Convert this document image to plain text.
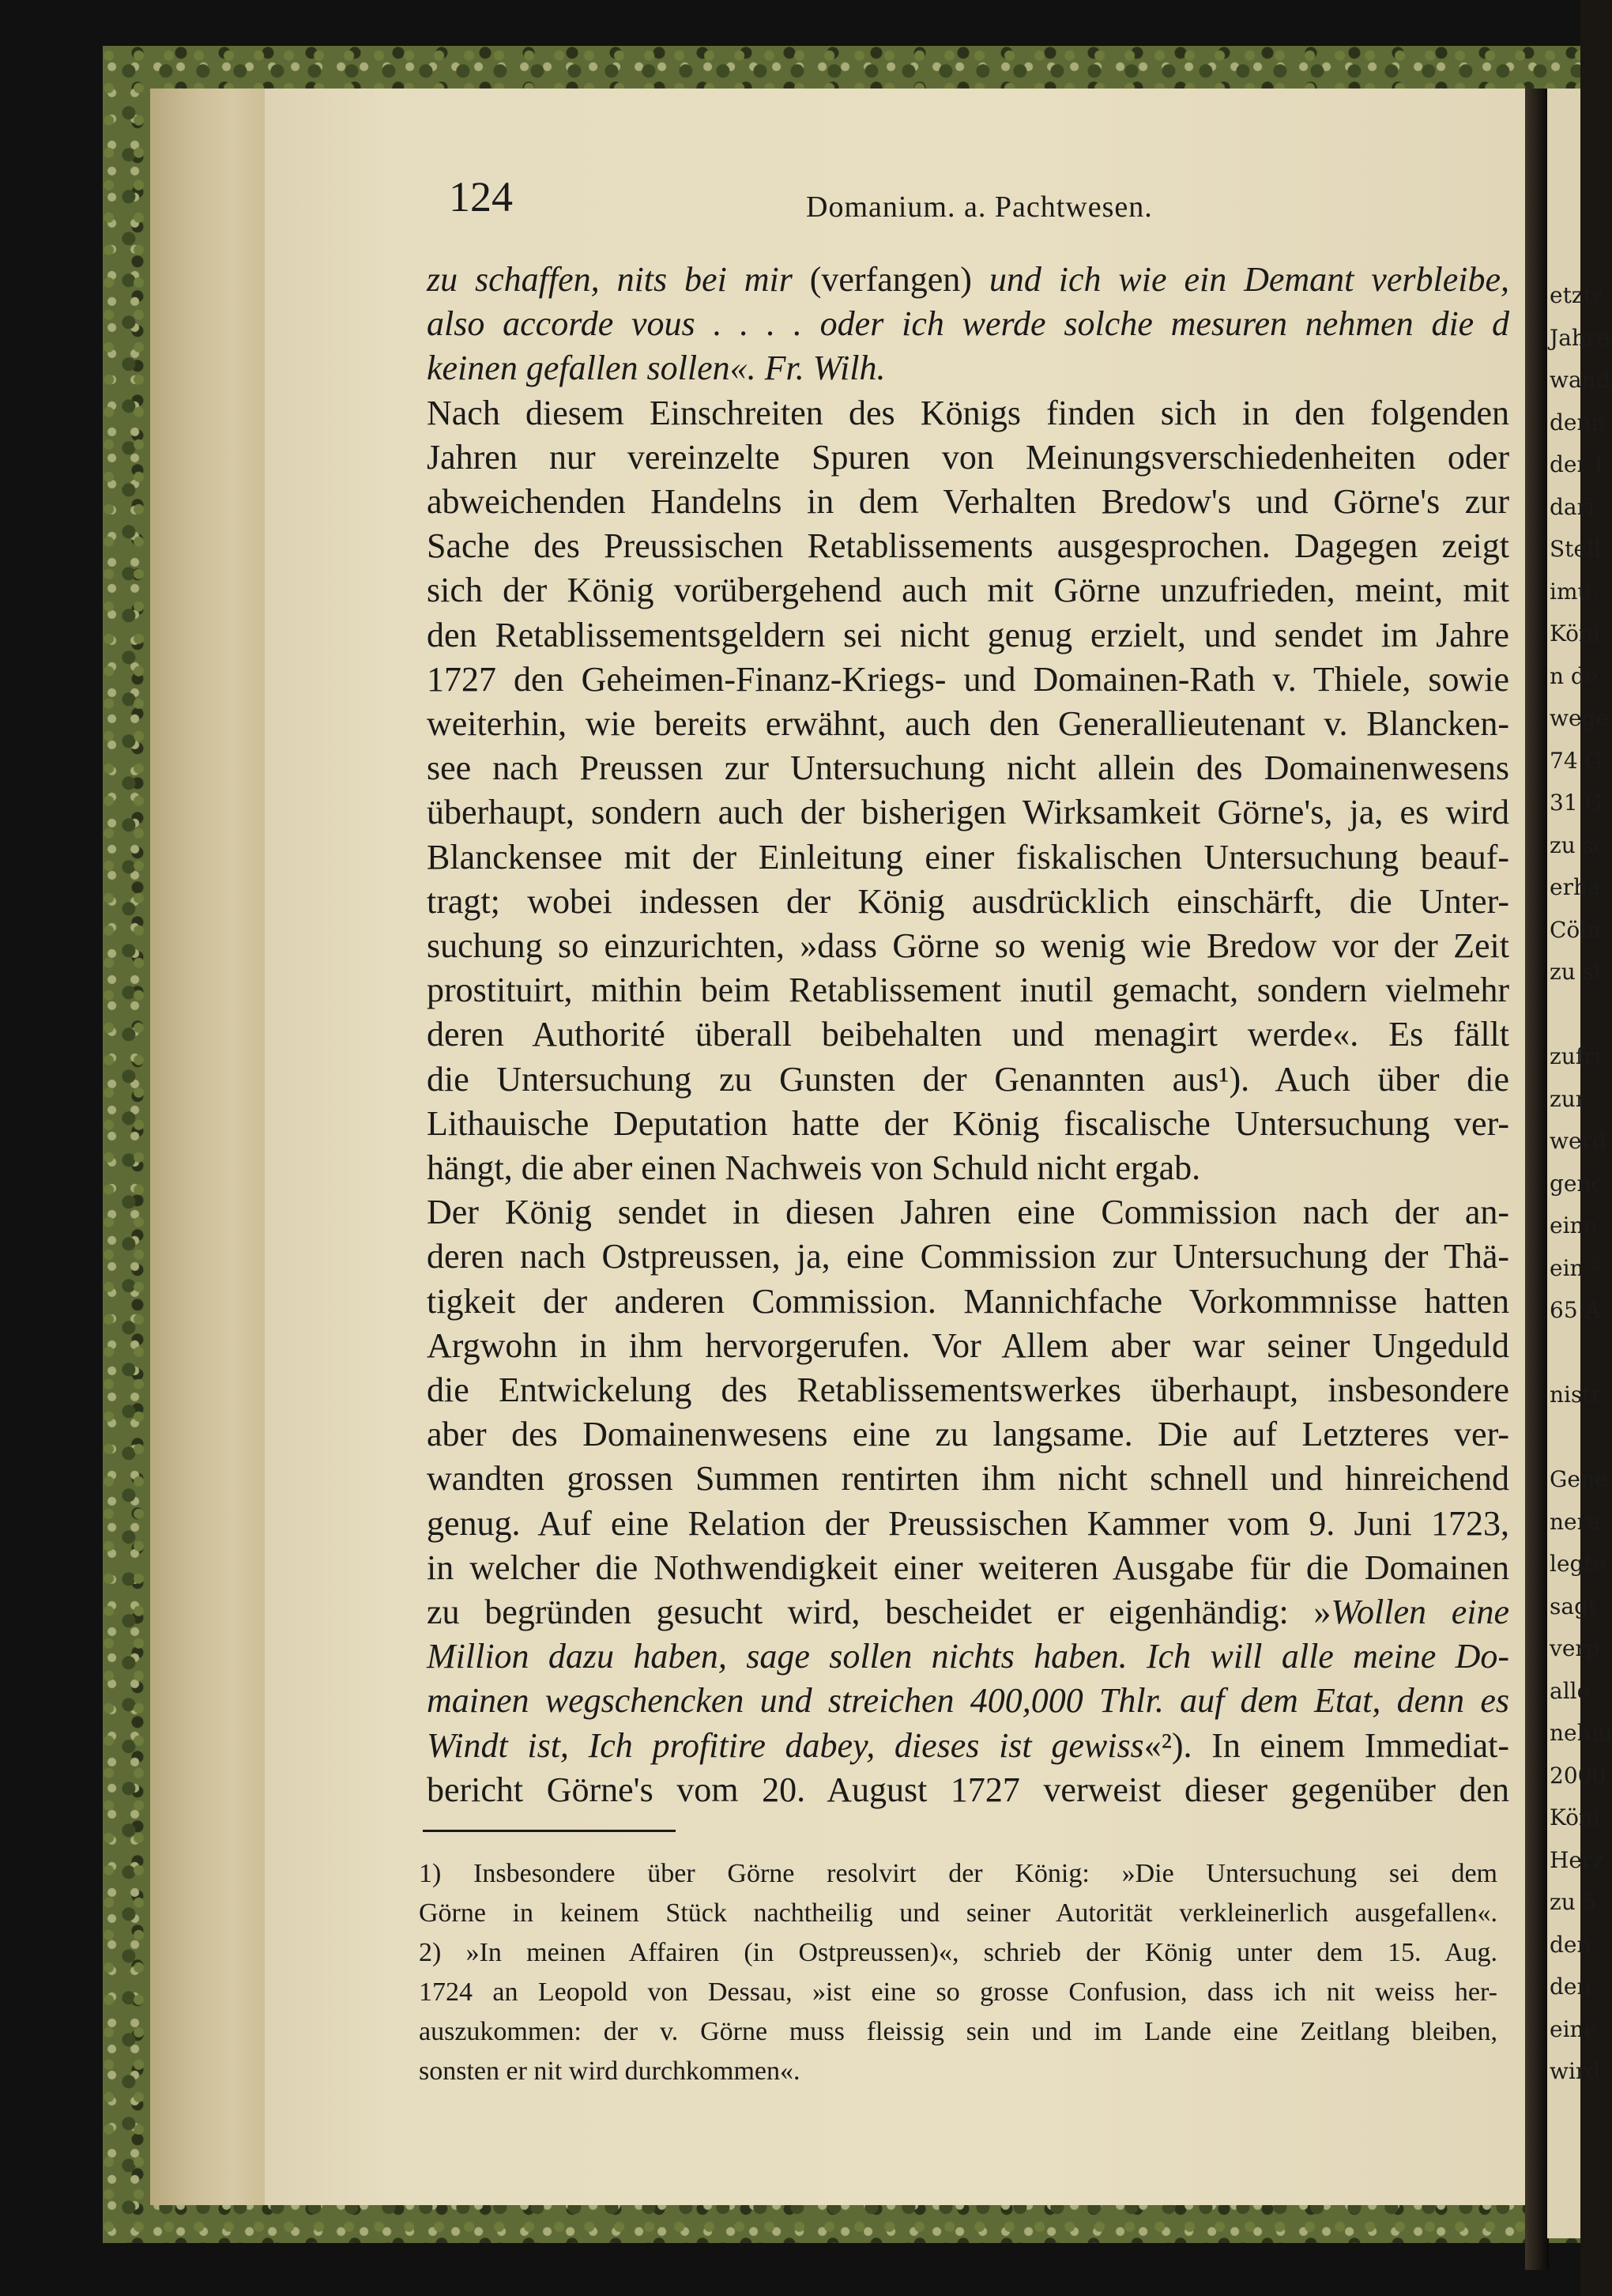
etztz
Jahre
wand
denn
der I
dari
Stell
imu.
Köni
n de
wege
74 G
31 G
zu sc
erha
Cöln
zu st
zufri
zur
werd
genc
eine
ein ²
65 A
nistr
Gene
nera
legte
sagt
verp
alle
nehm
2000
Köni
Herz
zu 5
den
den
eine
wird
124	Domanium. a. Pachtwesen.
zu schaffen, nits bei mir (verfangen) und ich wie ein Demant verbleibe,
also accorde vous . . . . oder ich werde solche mesuren nehmen die d
keinen gefallen sollen«. Fr. Wilh.
Nach diesem Einschreiten des Königs finden sich in den folgenden
Jahren nur vereinzelte Spuren von Meinungsverschiedenheiten oder
abweichenden Handelns in dem Verhalten Bredow's und Görne's zur
Sache des Preussischen Retablissements ausgesprochen. Dagegen zeigt
sich der König vorübergehend auch mit Görne unzufrieden, meint, mit
den Retablissementsgeldern sei nicht genug erzielt, und sendet im Jahre
1727 den Geheimen-Finanz-Kriegs- und Domainen-Rath v. Thiele, sowie
weiterhin, wie bereits erwähnt, auch den Generallieutenant v. Blancken-
see nach Preussen zur Untersuchung nicht allein des Domainenwesens
überhaupt, sondern auch der bisherigen Wirksamkeit Görne's, ja, es wird
Blanckensee mit der Einleitung einer fiskalischen Untersuchung beauf-
tragt; wobei indessen der König ausdrücklich einschärft, die Unter-
suchung so einzurichten, »dass Görne so wenig wie Bredow vor der Zeit
prostituirt, mithin beim Retablissement inutil gemacht, sondern vielmehr
deren Authorité überall beibehalten und menagirt werde«. Es fällt
die Untersuchung zu Gunsten der Genannten aus¹). Auch über die
Lithauische Deputation hatte der König fiscalische Untersuchung ver-
hängt, die aber einen Nachweis von Schuld nicht ergab.
Der König sendet in diesen Jahren eine Commission nach der an-
deren nach Ostpreussen, ja, eine Commission zur Untersuchung der Thä-
tigkeit der anderen Commission. Mannichfache Vorkommnisse hatten
Argwohn in ihm hervorgerufen. Vor Allem aber war seiner Ungeduld
die Entwickelung des Retablissementswerkes überhaupt, insbesondere
aber des Domainenwesens eine zu langsame. Die auf Letzteres ver-
wandten grossen Summen rentirten ihm nicht schnell und hinreichend
genug. Auf eine Relation der Preussischen Kammer vom 9. Juni 1723,
in welcher die Nothwendigkeit einer weiteren Ausgabe für die Domainen
zu begründen gesucht wird, bescheidet er eigenhändig: »Wollen eine
Million dazu haben, sage sollen nichts haben. Ich will alle meine Do-
mainen wegschencken und streichen 400,000 Thlr. auf dem Etat, denn es
Windt ist, Ich profitire dabey, dieses ist gewiss«²). In einem Immediat-
bericht Görne's vom 20. August 1727 verweist dieser gegenüber den
1) Insbesondere über Görne resolvirt der König: »Die Untersuchung sei dem
Görne in keinem Stück nachtheilig und seiner Autorität verkleinerlich ausgefallen«.
2) »In meinen Affairen (in Ostpreussen)«, schrieb der König unter dem 15. Aug.
1724 an Leopold von Dessau, »ist eine so grosse Confusion, dass ich nit weiss her-
auszukommen: der v. Görne muss fleissig sein und im Lande eine Zeitlang bleiben,
sonsten er nit wird durchkommen«.
